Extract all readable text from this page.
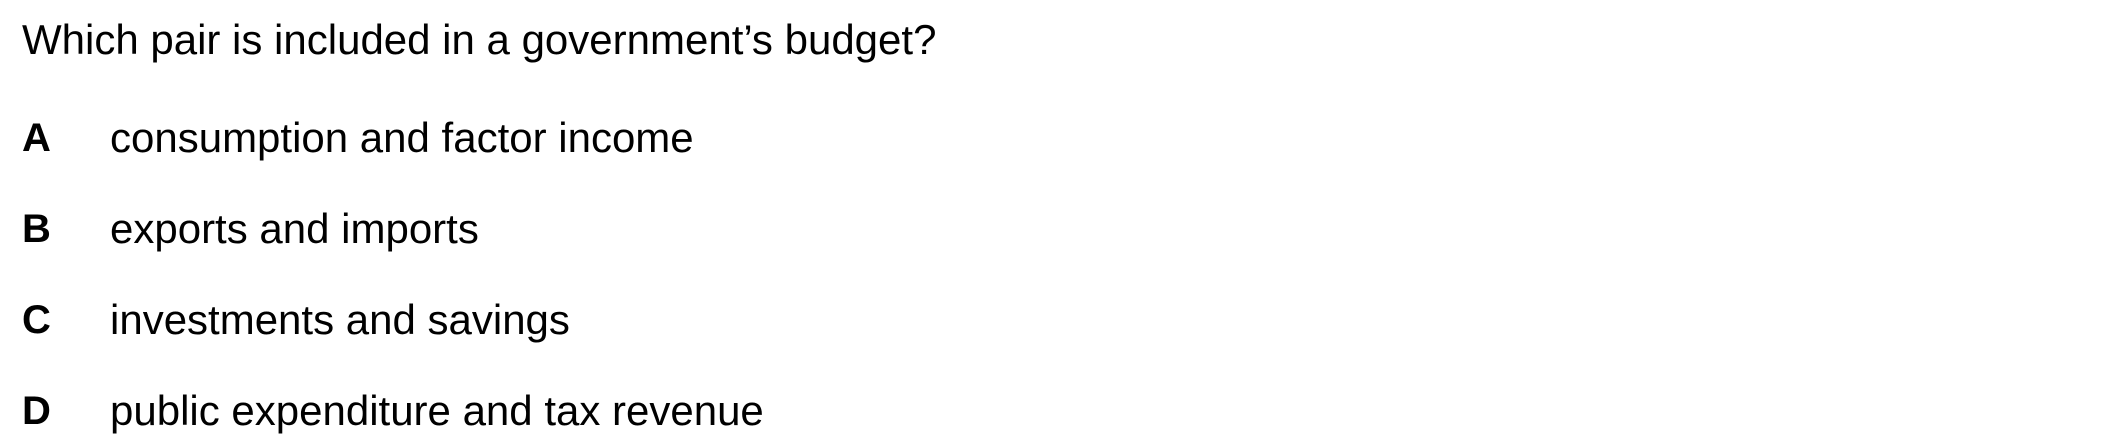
Which pair is included in a government’s budget?
A	consumption and factor income
B	exports and imports
C	investments and savings
D	public expenditure and tax revenue
